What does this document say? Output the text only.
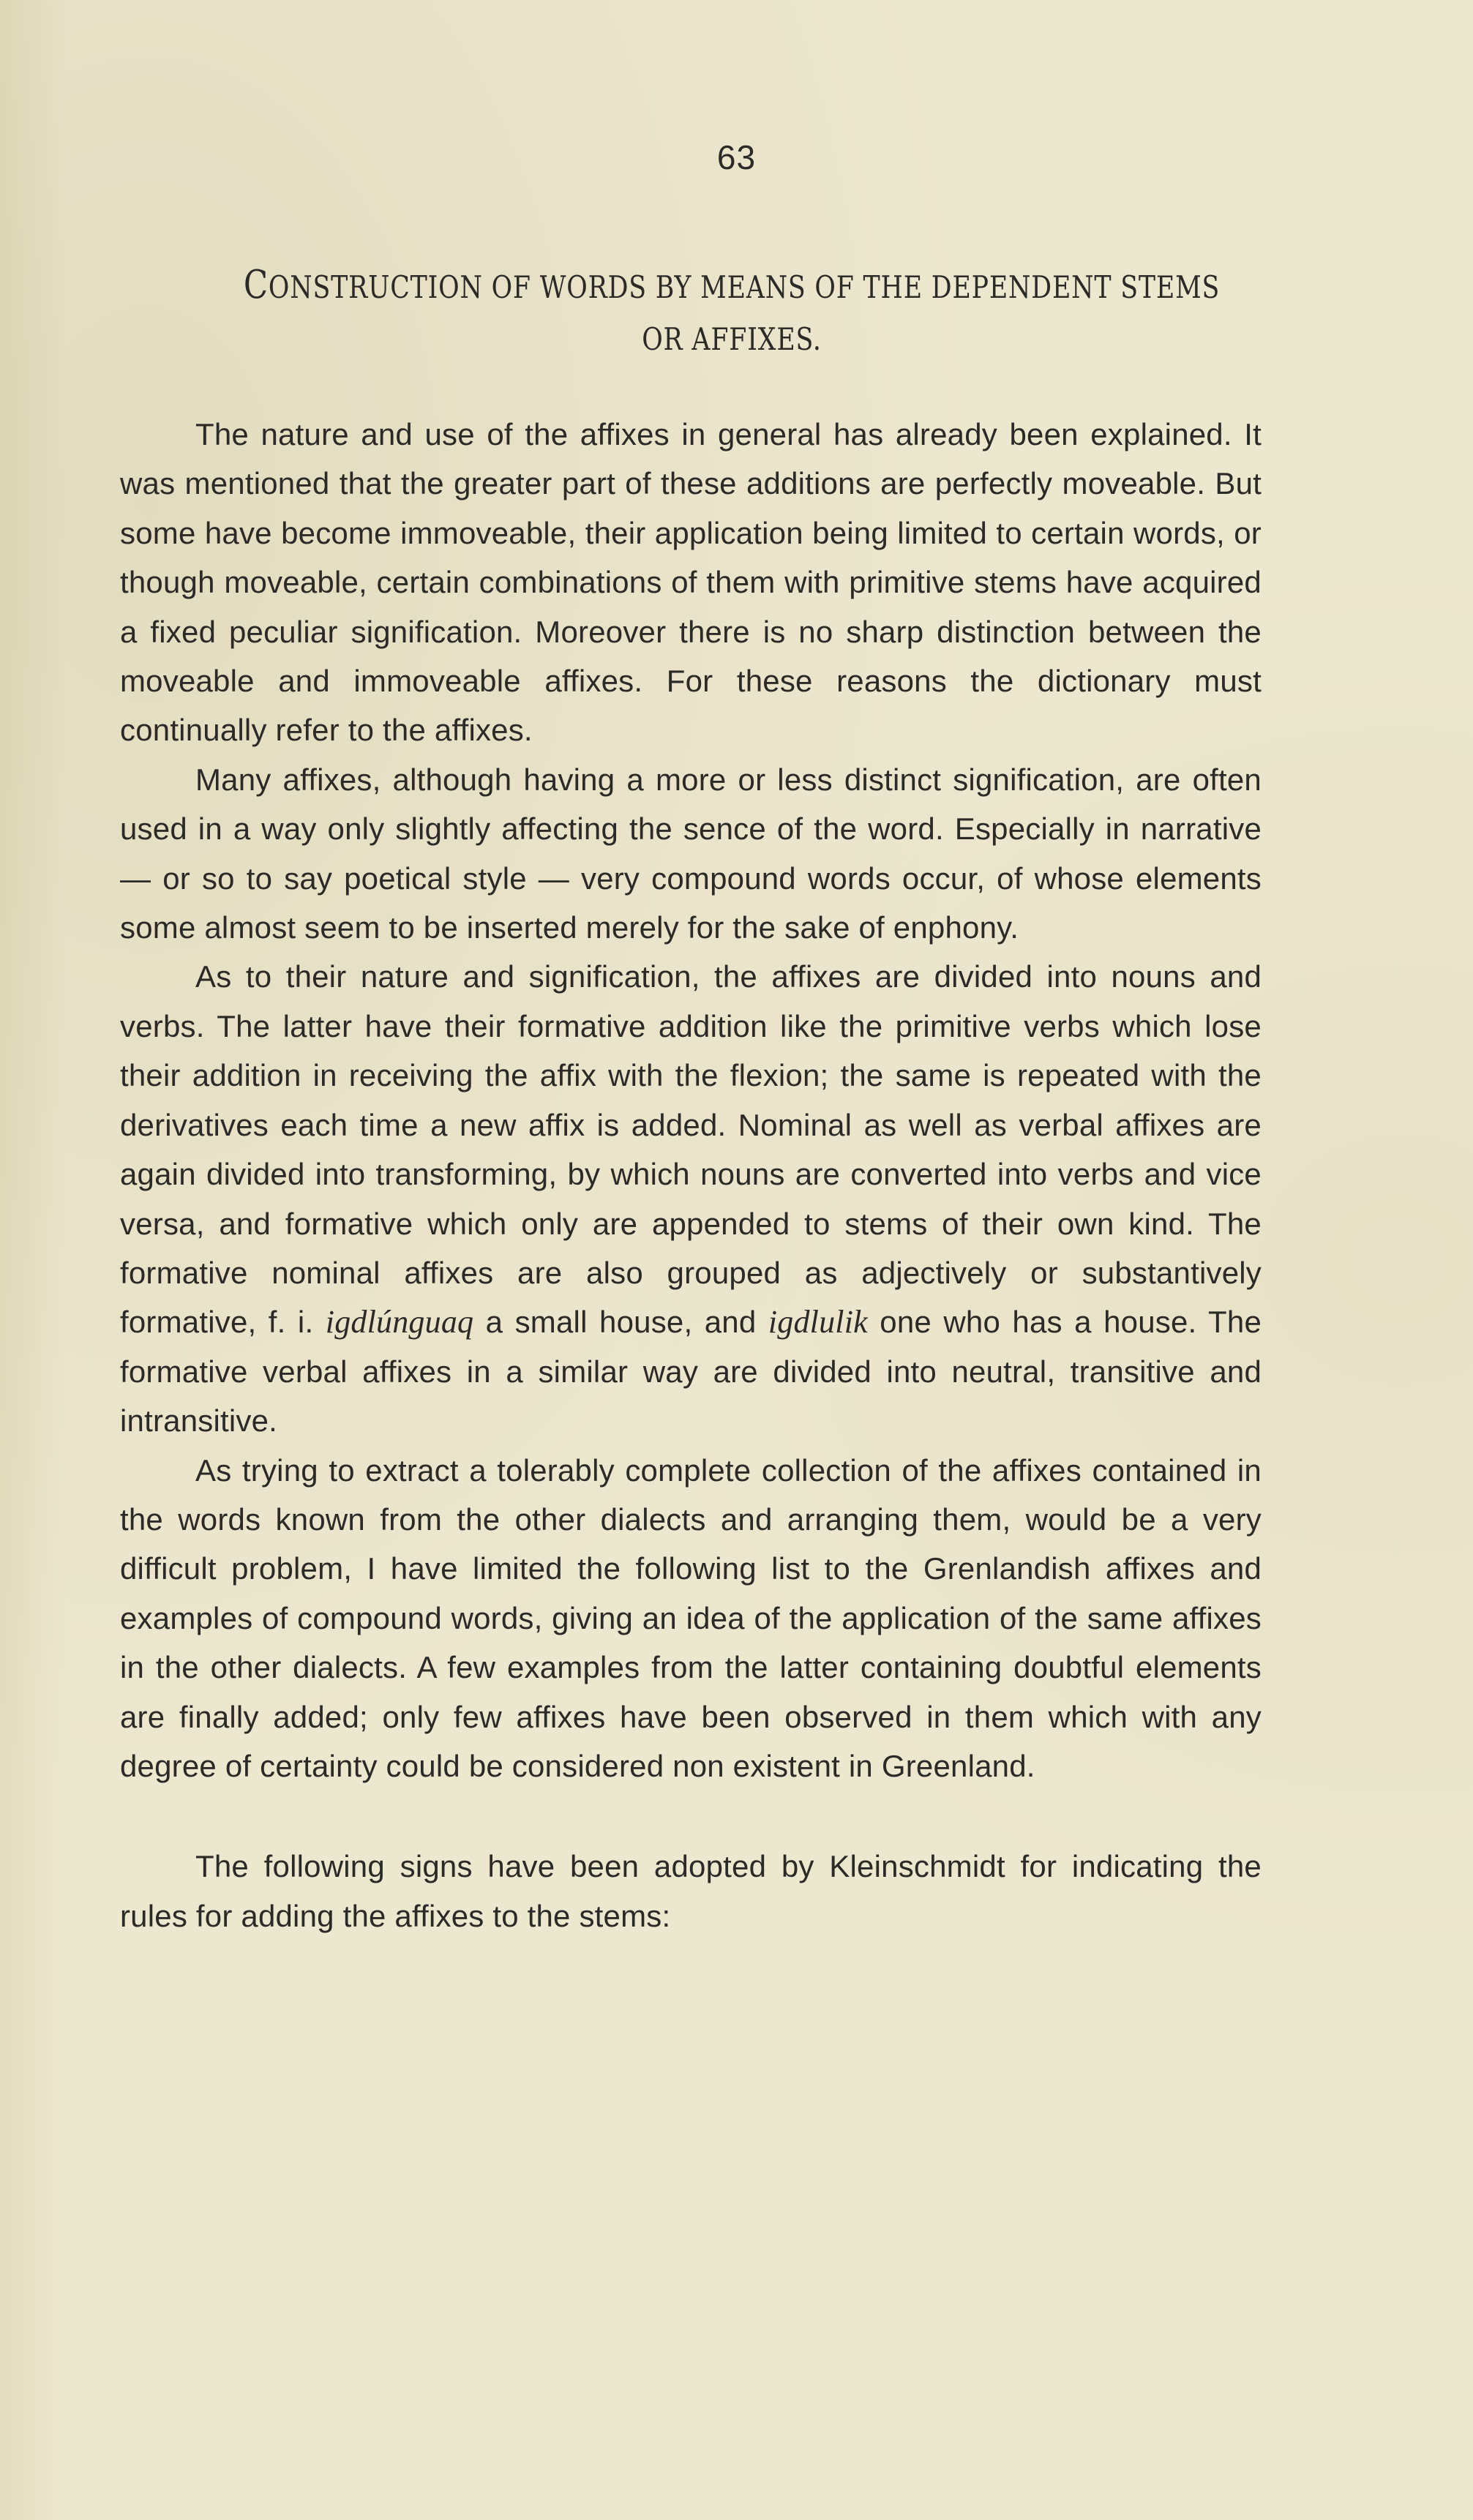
63
CONSTRUCTION OF WORDS BY MEANS OF THE DEPENDENT STEMS
OR AFFIXES.

The nature and use of the affixes in general has already been explained. It was mentioned that the greater part of these additions are perfectly moveable. But some have become immoveable, their application being limited to certain words, or though moveable, certain combinations of them with primitive stems have acquired a fixed peculiar signification. Moreover there is no sharp distinction between the moveable and immoveable affixes. For these reasons the dictionary must continually refer to the affixes.

Many affixes, although having a more or less distinct signification, are often used in a way only slightly affecting the sence of the word. Especially in narrative — or so to say poetical style — very compound words occur, of whose elements some almost seem to be inserted merely for the sake of enphony.

As to their nature and signification, the affixes are divided into nouns and verbs. The latter have their formative addition like the primitive verbs which lose their addition in receiving the affix with the flexion; the same is repeated with the derivatives each time a new affix is added. Nominal as well as verbal affixes are again divided into transforming, by which nouns are converted into verbs and vice versa, and formative which only are appended to stems of their own kind. The formative nominal affixes are also grouped as adjectively or substantively formative, f. i. igdlúnguaq a small house, and igdlulik one who has a house. The formative verbal affixes in a similar way are divided into neutral, transitive and intransitive.

As trying to extract a tolerably complete collection of the affixes contained in the words known from the other dialects and arranging them, would be a very difficult problem, I have limited the following list to the Grenlandish affixes and examples of compound words, giving an idea of the application of the same affixes in the other dialects. A few examples from the latter containing doubtful elements are finally added; only few affixes have been observed in them which with any degree of certainty could be considered non existent in Greenland.

The following signs have been adopted by Kleinschmidt for indicating the rules for adding the affixes to the stems:
